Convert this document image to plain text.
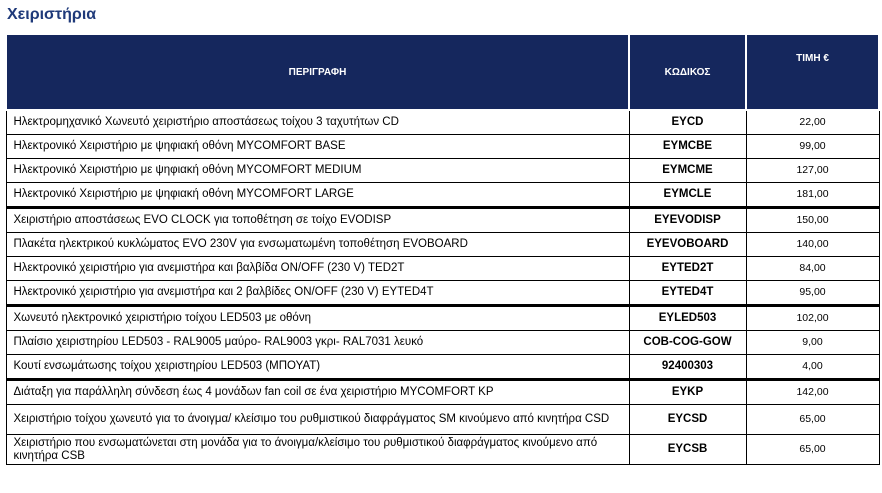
Χειριστήρια
ΠΕΡΙΓΡΑΦΗ	ΚΩΔΙΚΟΣ	ΤΙΜΗ €
Ηλεκτρομηχανικό Χωνευτό χειριστήριο αποστάσεως τοίχου 3 ταχυτήτων CD	EYCD	22,00
Ηλεκτρονικό Χειριστήριο με ψηφιακή οθόνη MYCOMFORT BASE	EYMCBE	99,00
Ηλεκτρονικό Χειριστήριο με ψηφιακή οθόνη MYCOMFORT MEDIUM	EYMCME	127,00
Ηλεκτρονικό Χειριστήριο με ψηφιακή οθόνη MYCOMFORT LARGE	EYMCLE	181,00
Χειριστήριο αποστάσεως EVO CLOCK για τοποθέτηση σε τοίχο EVODISP	EYEVODISP	150,00
Πλακέτα ηλεκτρικού κυκλώματος EVO 230V για ενσωματωμένη τοποθέτηση EVOBOARD	EYEVOBOARD	140,00
Ηλεκτρονικό χειριστήριο για ανεμιστήρα και βαλβίδα ON/OFF (230 V) TED2T	EYTED2T	84,00
Ηλεκτρονικό χειριστήριο για ανεμιστήρα και 2 βαλβίδες ON/OFF (230 V) EYTED4T	EYTED4T	95,00
Χωνευτό ηλεκτρονικό χειριστήριο τοίχου LED503 με οθόνη	EYLED503	102,00
Πλαίσιο χειριστηρίου LED503 - RAL9005 μαύρο- RAL9003 γκρι- RAL7031 λευκό	COB-COG-GOW	9,00
Κουτί ενσωμάτωσης τοίχου χειριστηρίου LED503 (ΜΠΟΥΑΤ)	92400303	4,00
Διάταξη για παράλληλη σύνδεση έως 4 μονάδων fan coil σε ένα χειριστήριο MYCOMFORT KP	EYKP	142,00
Χειριστήριο τοίχου χωνευτό για το άνοιγμα/ κλείσιμο του ρυθμιστικού διαφράγματος SM κινούμενο από κινητήρα CSD	EYCSD	65,00
Χειριστήριο που ενσωματώνεται στη μονάδα για το άνοιγμα/κλείσιμο του ρυθμιστικού διαφράγματος κινούμενο από κινητήρα CSB	EYCSB	65,00
